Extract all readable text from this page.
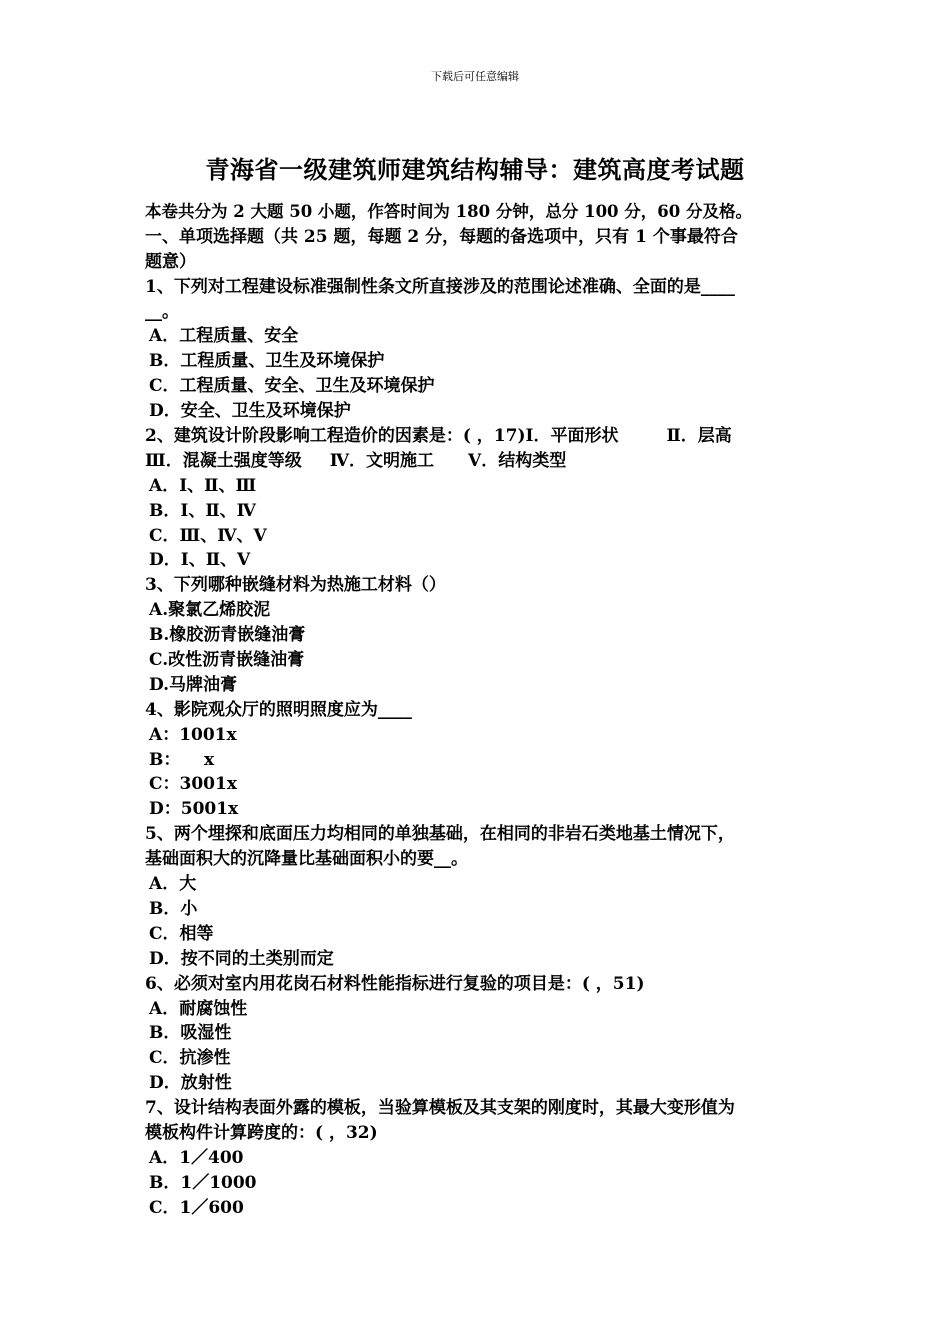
下载后可任意编辑
青海省一级建筑师建筑结构辅导：建筑高度考试题
本卷共分为 2 大题 50 小题，作答时间为 180 分钟，总分 100 分，60 分及格。
一、单项选择题（共 25 题，每题 2 分，每题的备选项中，只有 1 个事最符合
题意）
1、下列对工程建设标准强制性条文所直接涉及的范围论述准确、全面的是____
__。
A．工程质量、安全
B．工程质量、卫生及环境保护
C．工程质量、安全、卫生及环境保护
D．安全、卫生及环境保护
2、建筑设计阶段影响工程造价的因素是：( ，17)Ⅰ．平面形状	Ⅱ．层高
Ⅲ．混凝土强度等级 Ⅳ．文明施工 Ⅴ．结构类型
A．Ⅰ、Ⅱ、Ⅲ
B．Ⅰ、Ⅱ、Ⅳ
C．Ⅲ、Ⅳ、Ⅴ
D．Ⅰ、Ⅱ、Ⅴ
3、下列哪种嵌缝材料为热施工材料（）
A.聚氯乙烯胶泥
B.橡胶沥青嵌缝油膏
C.改性沥青嵌缝油膏
D.马牌油膏
4、影院观众厅的照明照度应为____
A：1001x
B：    x
C：3001x
D：5001x
5、两个埋探和底面压力均相同的单独基础，在相同的非岩石类地基土情况下，
基础面积大的沉降量比基础面积小的要__。
A．大
B．小
C．相等
D．按不同的土类别而定
6、必须对室内用花岗石材料性能指标进行复验的项目是：( ，51)
A．耐腐蚀性
B．吸湿性
C．抗渗性
D．放射性
7、设计结构表面外露的模板，当验算模板及其支架的刚度时，其最大变形值为
模板构件计算跨度的：( ，32)
A．1／400
B．1／1000
C．1／600
